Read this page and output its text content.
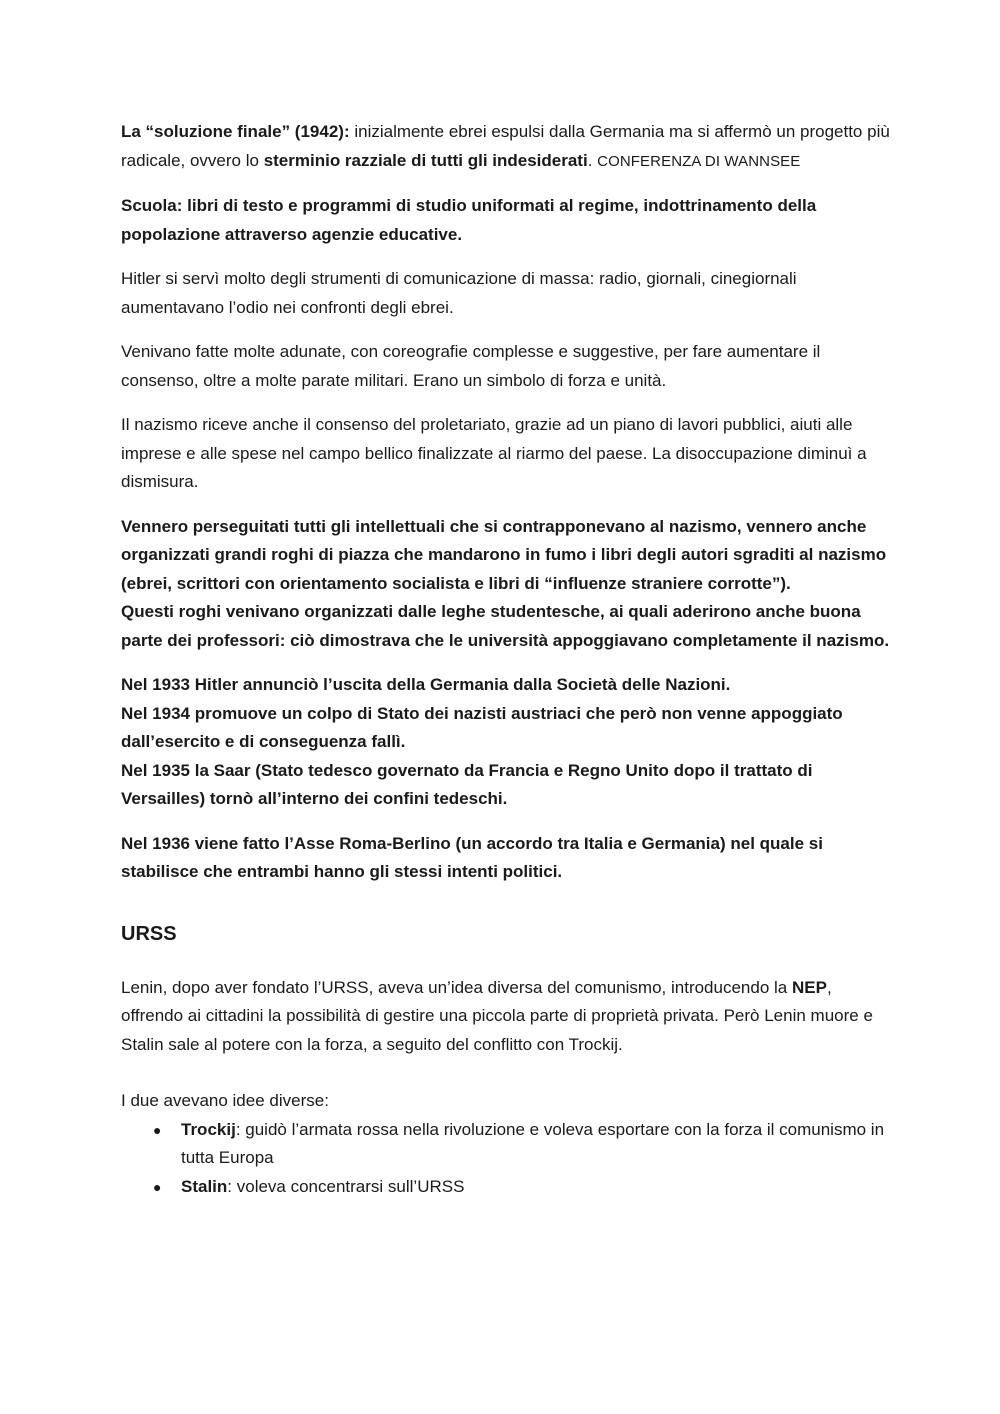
La “soluzione finale” (1942): inizialmente ebrei espulsi dalla Germania ma si affermò un progetto più radicale, ovvero lo sterminio razziale di tutti gli indesiderati. CONFERENZA DI WANNSEE

Scuola: libri di testo e programmi di studio uniformati al regime, indottrinamento della popolazione attraverso agenzie educative.

Hitler si servì molto degli strumenti di comunicazione di massa: radio, giornali, cinegiornali aumentavano l’odio nei confronti degli ebrei.

Venivano fatte molte adunate, con coreografie complesse e suggestive, per fare aumentare il consenso, oltre a molte parate militari. Erano un simbolo di forza e unità.

Il nazismo riceve anche il consenso del proletariato, grazie ad un piano di lavori pubblici, aiuti alle imprese e alle spese nel campo bellico finalizzate al riarmo del paese. La disoccupazione diminuì a dismisura.

Vennero perseguitati tutti gli intellettuali che si contrapponevano al nazismo, vennero anche organizzati grandi roghi di piazza che mandarono in fumo i libri degli autori sgraditi al nazismo (ebrei, scrittori con orientamento socialista e libri di “influenze straniere corrotte”).
Questi roghi venivano organizzati dalle leghe studentesche, ai quali aderirono anche buona parte dei professori: ciò dimostrava che le università appoggiavano completamente il nazismo.

Nel 1933 Hitler annunciò l’uscita della Germania dalla Società delle Nazioni.
Nel 1934 promuove un colpo di Stato dei nazisti austriaci che però non venne appoggiato dall’esercito e di conseguenza fallì.
Nel 1935 la Saar (Stato tedesco governato da Francia e Regno Unito dopo il trattato di Versailles) tornò all’interno dei confini tedeschi.

Nel 1936 viene fatto l’Asse Roma-Berlino (un accordo tra Italia e Germania) nel quale si stabilisce che entrambi hanno gli stessi intenti politici.

URSS

Lenin, dopo aver fondato l’URSS, aveva un’idea diversa del comunismo, introducendo la NEP, offrendo ai cittadini la possibilità di gestire una piccola parte di proprietà privata. Però Lenin muore e Stalin sale al potere con la forza, a seguito del conflitto con Trockij.

I due avevano idee diverse:

● Trockij: guidò l’armata rossa nella rivoluzione e voleva esportare con la forza il comunismo in tutta Europa
● Stalin: voleva concentrarsi sull’URSS
